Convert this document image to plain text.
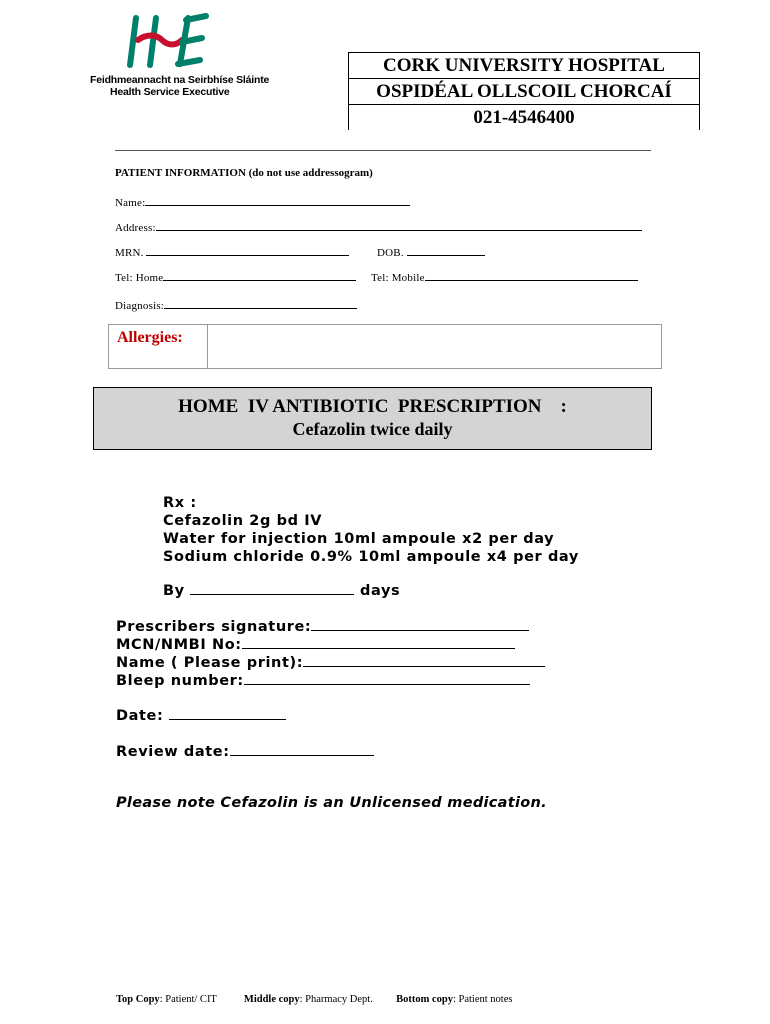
Feidhmeannacht na Seirbhíse Sláinte
Health Service Executive
CORK UNIVERSITY HOSPITAL
OSPIDÉAL OLLSCOIL CHORCAÍ
021-4546400
PATIENT INFORMATION (do not use addressogram)
Name:
Address:
MRN.	DOB.
Tel: Home	Tel: Mobile
Diagnosis:
Allergies:
HOME  IV ANTIBIOTIC  PRESCRIPTION    :
Cefazolin twice daily
Rx :
Cefazolin 2g bd IV
Water for injection 10ml ampoule x2 per day
Sodium chloride 0.9% 10ml ampoule x4 per day
By	days
Prescribers signature:
MCN/NMBI No:
Name ( Please print):
Bleep number:
Date:
Review date:
Please note Cefazolin is an Unlicensed medication.
Top Copy: Patient/ CIT	Middle copy: Pharmacy Dept. Bottom copy: Patient notes
